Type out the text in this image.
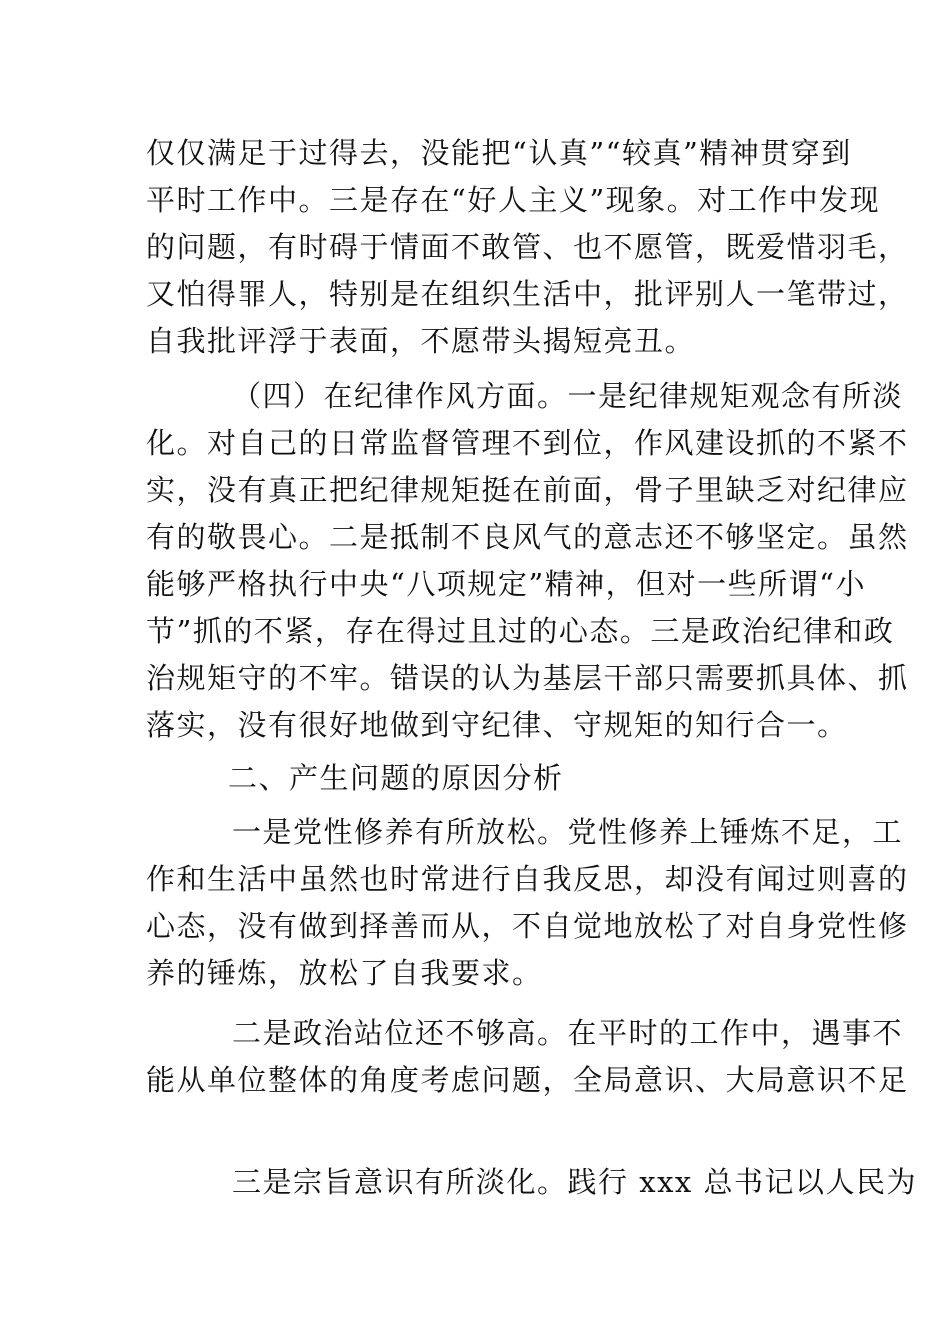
仅仅满足于过得去，没能把“认真”“较真”精神贯穿到
平时工作中。三是存在“好人主义”现象。对工作中发现
的问题，有时碍于情面不敢管、也不愿管，既爱惜羽毛，
又怕得罪人，特别是在组织生活中，批评别人一笔带过，
自我批评浮于表面，不愿带头揭短亮丑。
（四）在纪律作风方面。一是纪律规矩观念有所淡
化。对自己的日常监督管理不到位，作风建设抓的不紧不
实，没有真正把纪律规矩挺在前面，骨子里缺乏对纪律应
有的敬畏心。二是抵制不良风气的意志还不够坚定。虽然
能够严格执行中央“八项规定”精神，但对一些所谓“小
节”抓的不紧，存在得过且过的心态。三是政治纪律和政
治规矩守的不牢。错误的认为基层干部只需要抓具体、抓
落实，没有很好地做到守纪律、守规矩的知行合一。
二、产生问题的原因分析
一是党性修养有所放松。党性修养上锤炼不足，工
作和生活中虽然也时常进行自我反思，却没有闻过则喜的
心态，没有做到择善而从，不自觉地放松了对自身党性修
养的锤炼，放松了自我要求。
二是政治站位还不够高。在平时的工作中，遇事不
能从单位整体的角度考虑问题，全局意识、大局意识不足
三是宗旨意识有所淡化。践行 xxx 总书记以人民为
